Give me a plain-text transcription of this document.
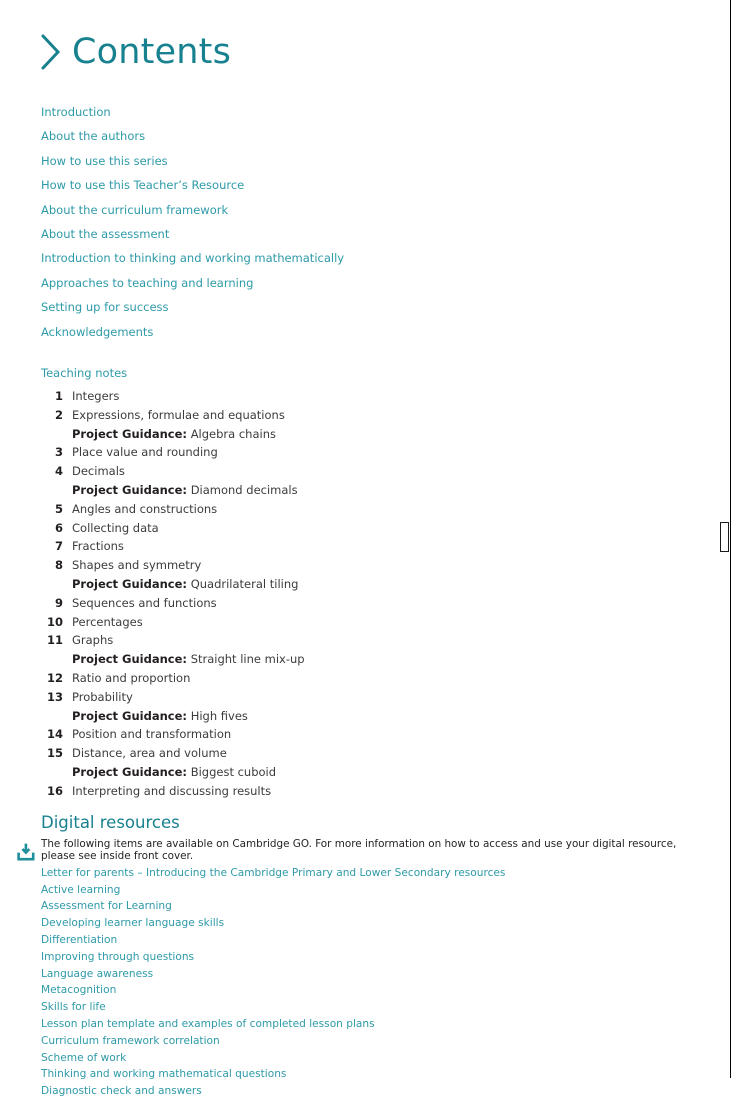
Contents
Introduction
About the authors
How to use this series
How to use this Teacher’s Resource
About the curriculum framework
About the assessment
Introduction to thinking and working mathematically
Approaches to teaching and learning
Setting up for success
Acknowledgements
Teaching notes
1 Integers
2 Expressions, formulae and equations
Project Guidance: Algebra chains
3 Place value and rounding
4 Decimals
Project Guidance: Diamond decimals
5 Angles and constructions
6 Collecting data
7 Fractions
8 Shapes and symmetry
Project Guidance: Quadrilateral tiling
9 Sequences and functions
10 Percentages
11 Graphs
Project Guidance: Straight line mix-up
12 Ratio and proportion
13 Probability
Project Guidance: High fives
14 Position and transformation
15 Distance, area and volume
Project Guidance: Biggest cuboid
16 Interpreting and discussing results
Digital resources

The following items are available on Cambridge GO. For more information on how to access and use your digital resource, please see inside front cover.

Letter for parents – Introducing the Cambridge Primary and Lower Secondary resources
Active learning
Assessment for Learning
Developing learner language skills
Differentiation
Improving through questions
Language awareness
Metacognition
Skills for life
Lesson plan template and examples of completed lesson plans
Curriculum framework correlation
Scheme of work
Thinking and working mathematical questions
Diagnostic check and answers
